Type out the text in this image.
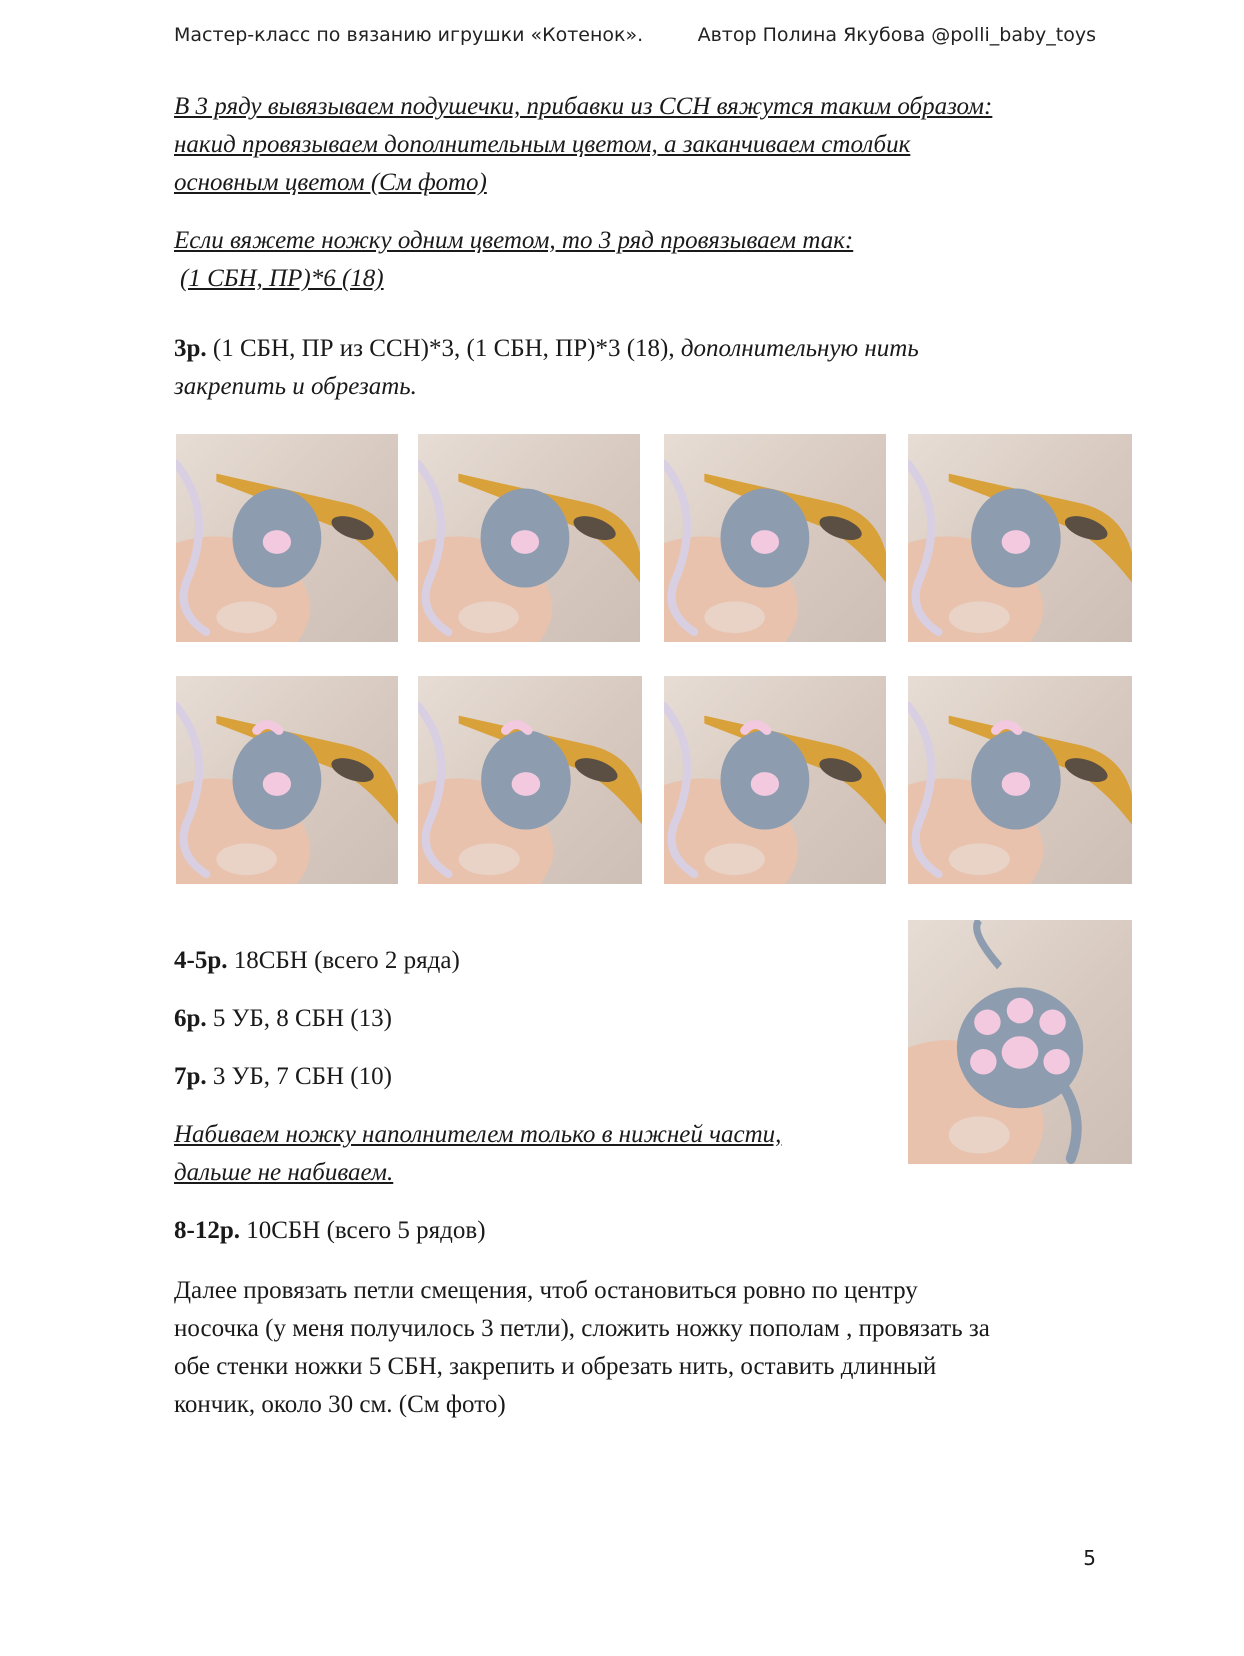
Мастер-класс по вязанию игрушки «Котенок».	Автор Полина Якубова @polli_baby_toys
В 3 ряду вывязываем подушечки, прибавки из ССН вяжутся таким образом:
накид провязываем дополнительным цветом, а заканчиваем столбик
основным цветом (См фото)
Если вяжете ножку одним цветом, то 3 ряд провязываем так:
(1 СБН, ПР)*6 (18)
3р. (1 СБН, ПР из ССН)*3, (1 СБН, ПР)*3 (18), дополнительную нить
закрепить и обрезать.
4-5р. 18СБН (всего 2 ряда)
6р. 5 УБ, 8 СБН (13)
7р. 3 УБ, 7 СБН (10)
Набиваем ножку наполнителем только в нижней части,
дальше не набиваем.
8-12р. 10СБН (всего 5 рядов)
Далее провязать петли смещения, чтоб остановиться ровно по центру
носочка (у меня получилось 3 петли), сложить ножку пополам , провязать за
обе стенки ножки 5 СБН, закрепить и обрезать нить, оставить длинный
кончик, около 30 см. (См фото)
5
